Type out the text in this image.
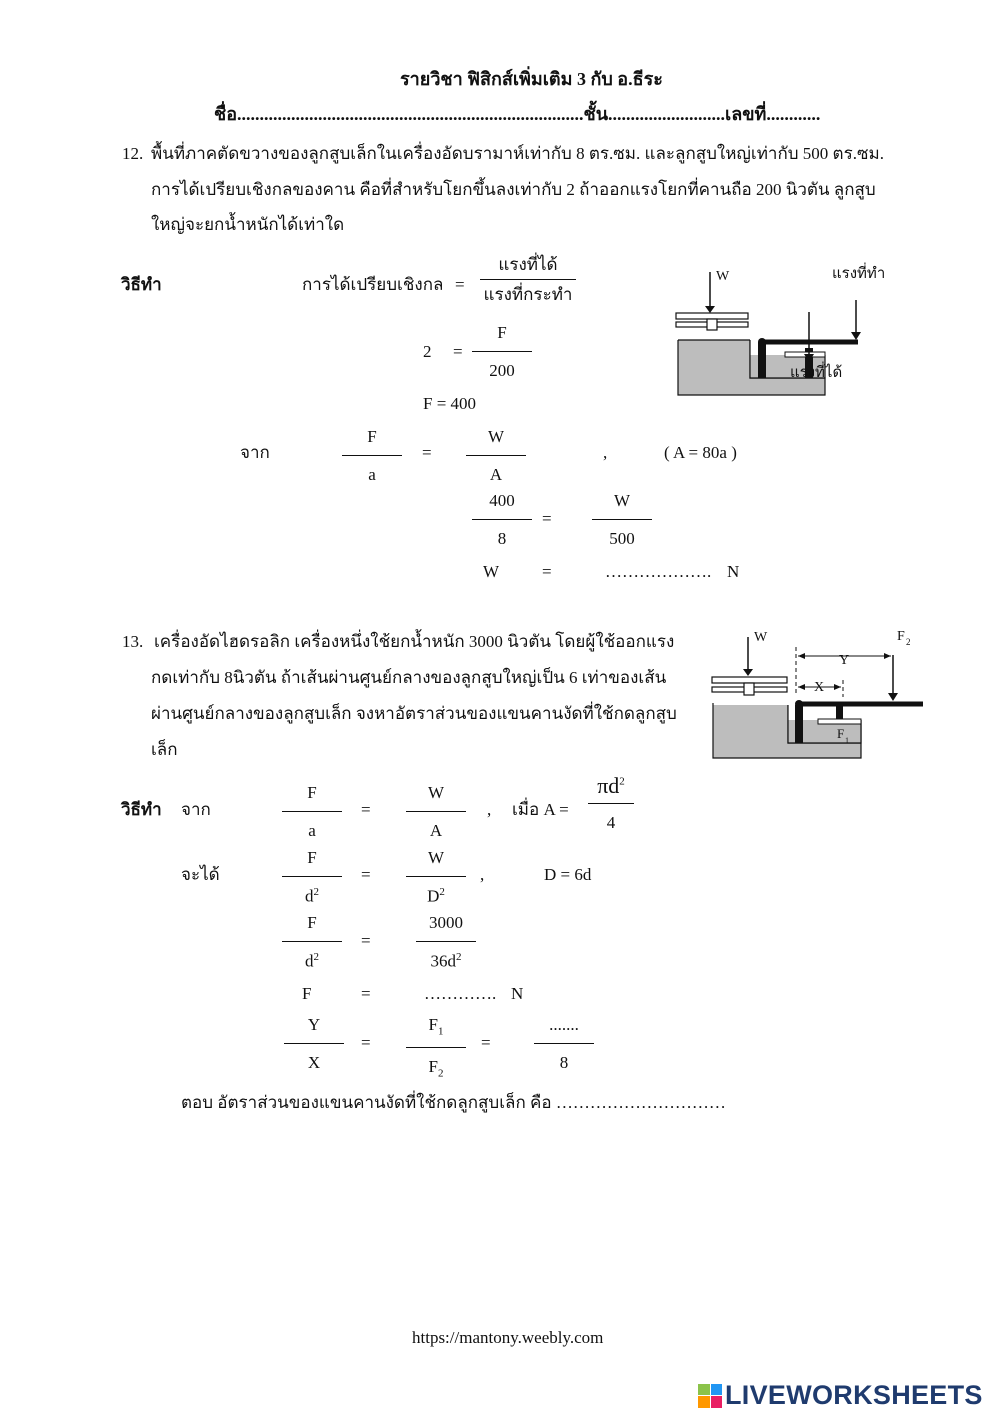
รายวิชา ฟิสิกส์เพิ่มเติม 3 กับ อ.ธีระ
ชื่อ.............................................................................ชั้น..........................เลขที่............
12. พื้นที่ภาคตัดขวางของลูกสูบเล็กในเครื่องอัดบรามาห์เท่ากับ 8 ตร.ซม. และลูกสูบใหญ่เท่ากับ 500 ตร.ซม.
การได้เปรียบเชิงกลของคาน คือที่สำหรับโยกขึ้นลงเท่ากับ 2 ถ้าออกแรงโยกที่คานถือ 200 นิวตัน ลูกสูบ
ใหญ่จะยกน้ำหนักได้เท่าใด
วิธีทำ	การได้เปรียบเชิงกล =
แรงที่ได้
แรงที่กระทำ
2 =
F
200
F = 400
จาก
F
a
=
W
A
,	( A = 80a )
400
8
=
W
500
W	=	………………. N
W	แรงที่ทำ
แรงที่ได้
13. เครื่องอัดไฮดรอลิก เครื่องหนึ่งใช้ยกน้ำหนัก 3000 นิวตัน โดยผู้ใช้ออกแรง
กดเท่ากับ 8นิวตัน ถ้าเส้นผ่านศูนย์กลางของลูกสูบใหญ่เป็น 6 เท่าของเส้น
ผ่านศูนย์กลางของลูกสูบเล็ก จงหาอัตราส่วนของแขนคานงัดที่ใช้กดลูกสูบ
เล็ก
W	F 2
Y
X
F 1
วิธีทำ จาก
F
a
=
W
A
, เมื่อ A =
$\pi d^2$
4
จะได้
F
$d^2$
=
W
$D^2$
,	D = 6d
F
$d^2$
=
3000
$36d^2$
F	=	…………. N
Y
X
=
$F_1$
$F_2$
=
.......
8
ตอบ อัตราส่วนของแขนคานงัดที่ใช้กดลูกสูบเล็ก คือ …………………………
https://mantony.weebly.com
LIVEWORKSHEETS
